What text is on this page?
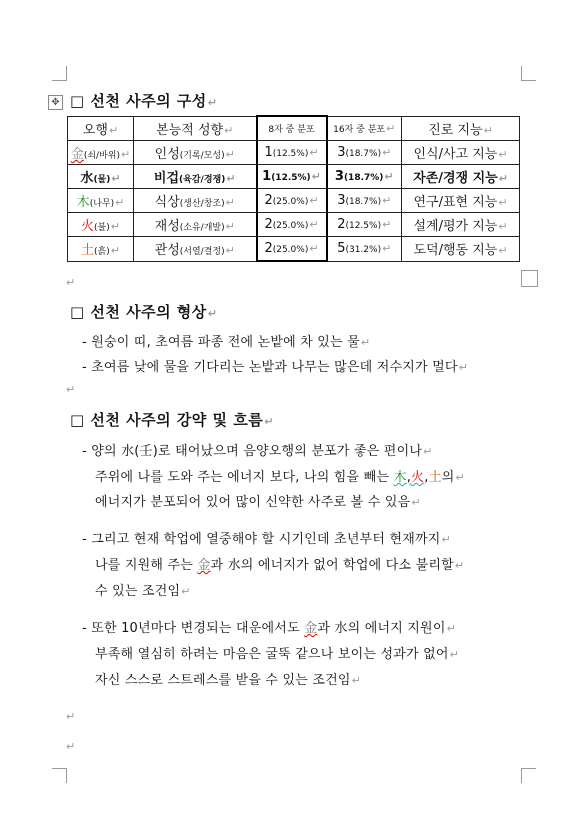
✥ □ 선천 사주의 구성↵
오행↵	본능적 성향↵	8자 중 분포	16자 중 분포↵	진로 지능↵
金(쇠/바위)↵	인성(기록/모성)↵	1(12.5%)↵	3(18.7%)↵	인식/사고 지능↵
水(물)↵	비겁(육감/경쟁)↵	1(12.5%)↵	3(18.7%)↵	자존/경쟁 지능↵
木(나무)↵	식상(생산/창조)↵	2(25.0%)↵	3(18.7%)↵	연구/표현 지능↵
火(불)↵	재성(소유/개발)↵	2(25.0%)↵	2(12.5%)↵	설계/평가 지능↵
土(흙)↵	관성(서열/결정)↵	2(25.0%)↵	5(31.2%)↵	도덕/행동 지능↵
↵
□ 선천 사주의 형상↵
- 원숭이 띠, 초여름 파종 전에 논밭에 차 있는 물↵
- 초여름 낮에 물을 기다리는 논밭과 나무는 많은데 저수지가 멀다↵
↵
□ 선천 사주의 강약 및 흐름↵
- 양의 水(壬)로 태어났으며 음양오행의 분포가 좋은 편이나↵
주위에 나를 도와 주는 에너지 보다, 나의 힘을 빼는 木,火,土의↵
에너지가 분포되어 있어 많이 신약한 사주로 볼 수 있음↵
- 그리고 현재 학업에 열중해야 할 시기인데 초년부터 현재까지↵
나를 지원해 주는 金과 水의 에너지가 없어 학업에 다소 불리할↵
수 있는 조건임↵
- 또한 10년마다 변경되는 대운에서도 金과 水의 에너지 지원이↵
부족해 열심히 하려는 마음은 굴뚝 같으나 보이는 성과가 없어↵
자신 스스로 스트레스를 받을 수 있는 조건임↵
↵
↵
